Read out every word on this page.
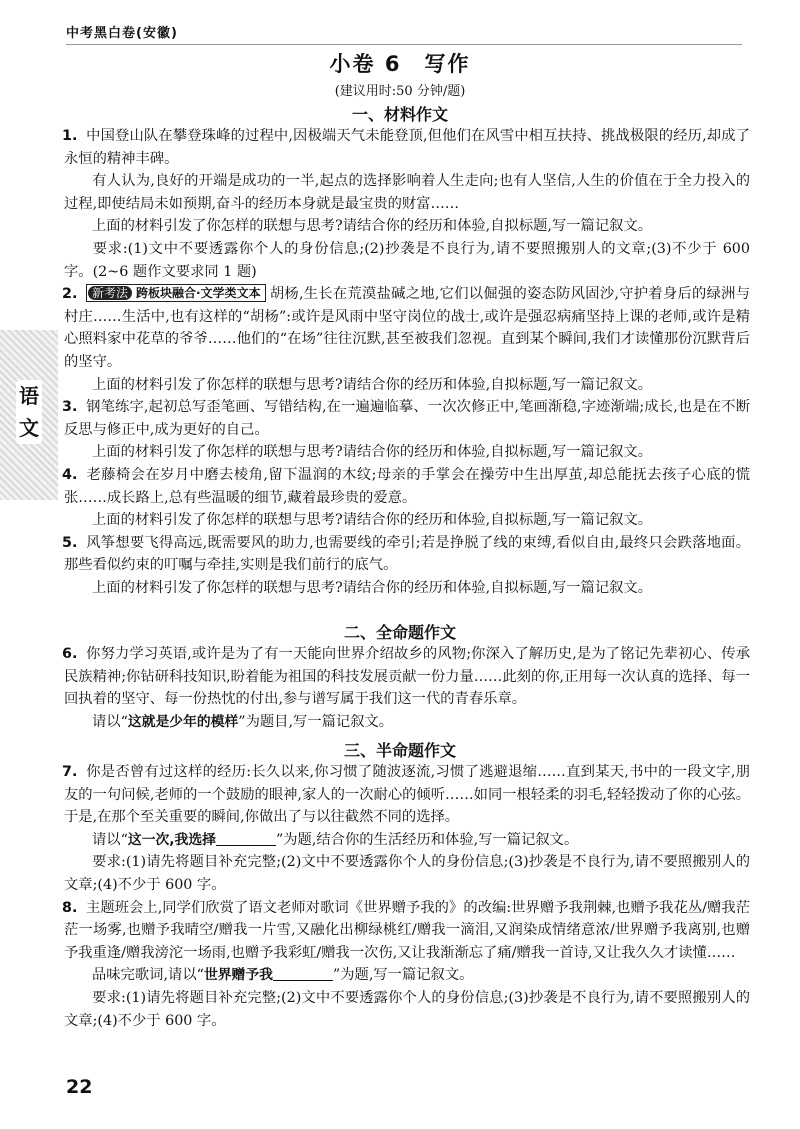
中考黑白卷(安徽)
语文
小卷 6　写作
(建议用时:50 分钟/题)
一、材料作文

1. 中国登山队在攀登珠峰的过程中,因极端天气未能登顶,但他们在风雪中相互扶持、挑战极限的经历,却成了永恒的精神丰碑。

有人认为,良好的开端是成功的一半,起点的选择影响着人生走向;也有人坚信,人生的价值在于全力投入的过程,即使结局未如预期,奋斗的经历本身就是最宝贵的财富……

上面的材料引发了你怎样的联想与思考?请结合你的经历和体验,自拟标题,写一篇记叙文。

要求:(1)文中不要透露你个人的身份信息;(2)抄袭是不良行为,请不要照搬别人的文章;(3)不少于 600 字。(2~6 题作文要求同 1 题)

2. 新考法 跨板块融合·文学类文本 胡杨,生长在荒漠盐碱之地,它们以倔强的姿态防风固沙,守护着身后的绿洲与村庄……生活中,也有这样的“胡杨”:或许是风雨中坚守岗位的战士,或许是强忍病痛坚持上课的老师,或许是精心照料家中花草的爷爷……他们的“在场”往往沉默,甚至被我们忽视。直到某个瞬间,我们才读懂那份沉默背后的坚守。

上面的材料引发了你怎样的联想与思考?请结合你的经历和体验,自拟标题,写一篇记叙文。

3. 钢笔练字,起初总写歪笔画、写错结构,在一遍遍临摹、一次次修正中,笔画渐稳,字迹渐端;成长,也是在不断反思与修正中,成为更好的自己。

上面的材料引发了你怎样的联想与思考?请结合你的经历和体验,自拟标题,写一篇记叙文。

4. 老藤椅会在岁月中磨去棱角,留下温润的木纹;母亲的手掌会在操劳中生出厚茧,却总能抚去孩子心底的慌张……成长路上,总有些温暖的细节,藏着最珍贵的爱意。

上面的材料引发了你怎样的联想与思考?请结合你的经历和体验,自拟标题,写一篇记叙文。

5. 风筝想要飞得高远,既需要风的助力,也需要线的牵引;若是挣脱了线的束缚,看似自由,最终只会跌落地面。那些看似约束的叮嘱与牵挂,实则是我们前行的底气。

上面的材料引发了你怎样的联想与思考?请结合你的经历和体验,自拟标题,写一篇记叙文。

二、全命题作文

6. 你努力学习英语,或许是为了有一天能向世界介绍故乡的风物;你深入了解历史,是为了铭记先辈初心、传承民族精神;你钻研科技知识,盼着能为祖国的科技发展贡献一份力量……此刻的你,正用每一次认真的选择、每一回执着的坚守、每一份热忱的付出,参与谱写属于我们这一代的青春乐章。

请以“这就是少年的模样”为题目,写一篇记叙文。

三、半命题作文

7. 你是否曾有过这样的经历:长久以来,你习惯了随波逐流,习惯了逃避退缩……直到某天,书中的一段文字,朋友的一句问候,老师的一个鼓励的眼神,家人的一次耐心的倾听……如同一根轻柔的羽毛,轻轻拨动了你的心弦。于是,在那个至关重要的瞬间,你做出了与以往截然不同的选择。

请以“这一次,我选择	”为题,结合你的生活经历和体验,写一篇记叙文。

要求:(1)请先将题目补充完整;(2)文中不要透露你个人的身份信息;(3)抄袭是不良行为,请不要照搬别人的文章;(4)不少于 600 字。

8. 主题班会上,同学们欣赏了语文老师对歌词《世界赠予我的》的改编:世界赠予我荆棘,也赠予我花丛/赠我茫茫一场雾,也赠予我晴空/赠我一片雪,又融化出柳绿桃红/赠我一滴泪,又润染成情绪意浓/世界赠予我离别,也赠予我重逢/赠我滂沱一场雨,也赠予我彩虹/赠我一次伤,又让我渐渐忘了痛/赠我一首诗,又让我久久才读懂……

品味完歌词,请以“世界赠予我	”为题,写一篇记叙文。

要求:(1)请先将题目补充完整;(2)文中不要透露你个人的身份信息;(3)抄袭是不良行为,请不要照搬别人的文章;(4)不少于 600 字。

22
